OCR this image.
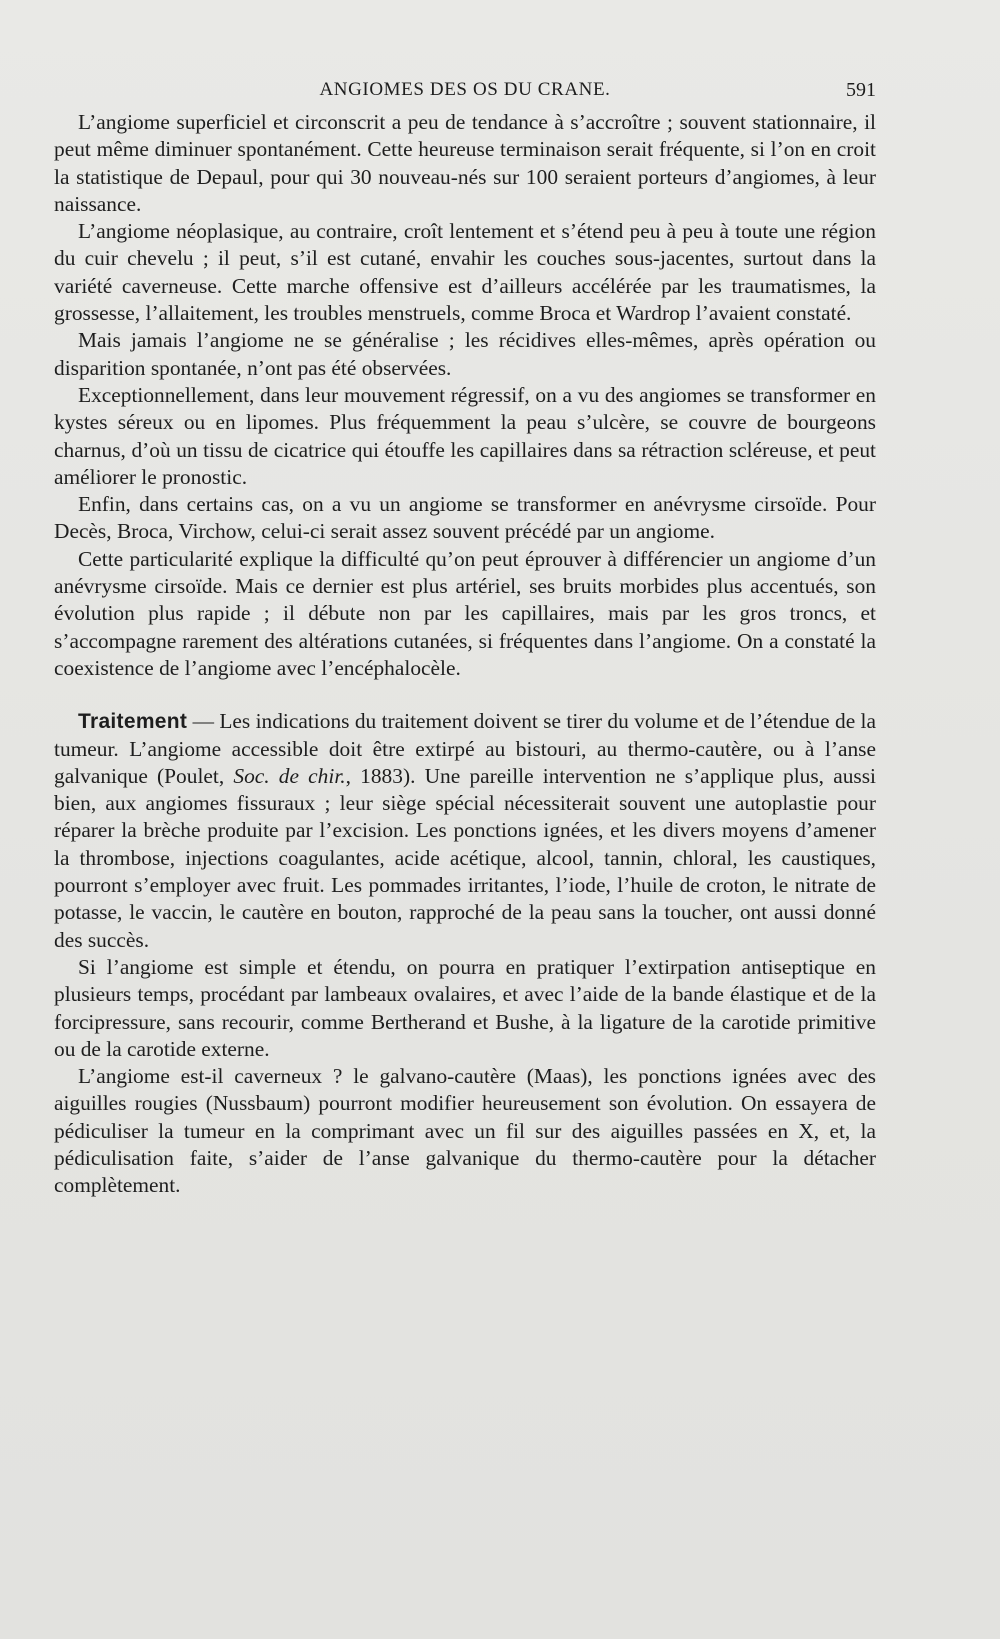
ANGIOMES DES OS DU CRANE.	591

L’angiome superficiel et circonscrit a peu de tendance à s’accroître ; souvent stationnaire, il peut même diminuer spontanément. Cette heureuse terminaison serait fréquente, si l’on en croit la statistique de Depaul, pour qui 30 nouveau-nés sur 100 seraient porteurs d’angiomes, à leur naissance.

L’angiome néoplasique, au contraire, croît lentement et s’étend peu à peu à toute une région du cuir chevelu ; il peut, s’il est cutané, envahir les couches sous-jacentes, surtout dans la variété caverneuse. Cette marche offensive est d’ailleurs accélérée par les traumatismes, la grossesse, l’allaitement, les troubles menstruels, comme Broca et Wardrop l’avaient constaté.

Mais jamais l’angiome ne se généralise ; les récidives elles-mêmes, après opération ou disparition spontanée, n’ont pas été observées.

Exceptionnellement, dans leur mouvement régressif, on a vu des angiomes se transformer en kystes séreux ou en lipomes. Plus fréquemment la peau s’ulcère, se couvre de bourgeons charnus, d’où un tissu de cicatrice qui étouffe les capillaires dans sa rétraction scléreuse, et peut améliorer le pronostic.

Enfin, dans certains cas, on a vu un angiome se transformer en anévrysme cirsoïde. Pour Decès, Broca, Virchow, celui-ci serait assez souvent précédé par un angiome.

Cette particularité explique la difficulté qu’on peut éprouver à différencier un angiome d’un anévrysme cirsoïde. Mais ce dernier est plus artériel, ses bruits morbides plus accentués, son évolution plus rapide ; il débute non par les capillaires, mais par les gros troncs, et s’accompagne rarement des altérations cutanées, si fréquentes dans l’angiome. On a constaté la coexistence de l’angiome avec l’encéphalocèle.

Traitement — Les indications du traitement doivent se tirer du volume et de l’étendue de la tumeur. L’angiome accessible doit être extirpé au bistouri, au thermo-cautère, ou à l’anse galvanique (Poulet, Soc. de chir., 1883). Une pareille intervention ne s’applique plus, aussi bien, aux angiomes fissuraux ; leur siège spécial nécessiterait souvent une autoplastie pour réparer la brèche produite par l’excision. Les ponctions ignées, et les divers moyens d’amener la thrombose, injections coagulantes, acide acétique, alcool, tannin, chloral, les caustiques, pourront s’employer avec fruit. Les pommades irritantes, l’iode, l’huile de croton, le nitrate de potasse, le vaccin, le cautère en bouton, rapproché de la peau sans la toucher, ont aussi donné des succès.

Si l’angiome est simple et étendu, on pourra en pratiquer l’extirpation antiseptique en plusieurs temps, procédant par lambeaux ovalaires, et avec l’aide de la bande élastique et de la forcipressure, sans recourir, comme Bertherand et Bushe, à la ligature de la carotide primitive ou de la carotide externe.

L’angiome est-il caverneux ? le galvano-cautère (Maas), les ponctions ignées avec des aiguilles rougies (Nussbaum) pourront modifier heureusement son évolution. On essayera de pédiculiser la tumeur en la comprimant avec un fil sur des aiguilles passées en X, et, la pédiculisation faite, s’aider de l’anse galvanique du thermo-cautère pour la détacher complètement.
